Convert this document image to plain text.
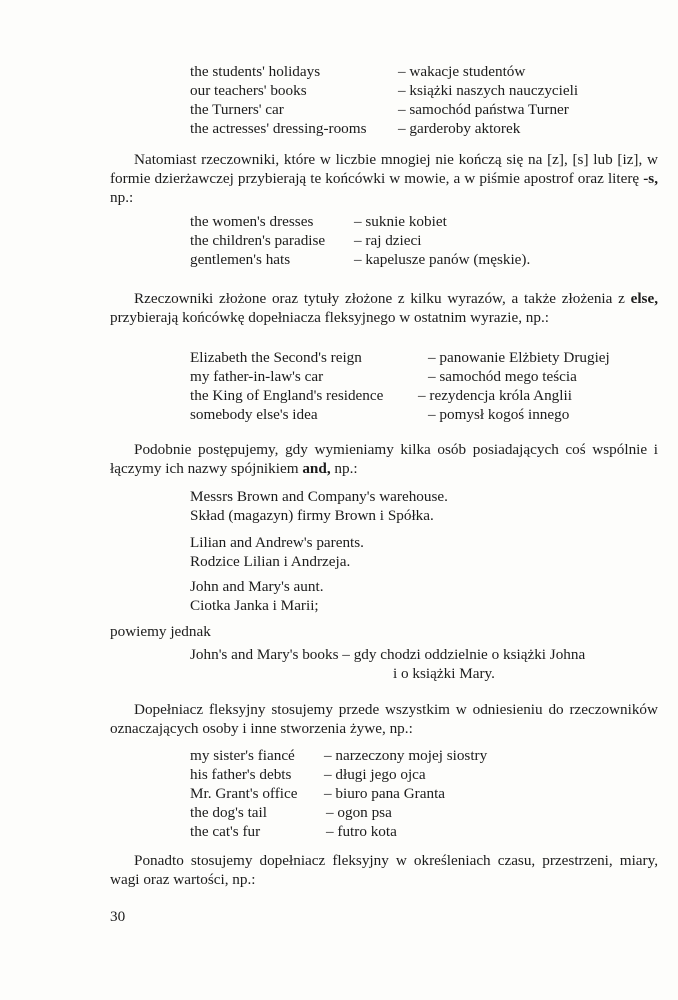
the students' holidays	– wakacje studentów
our teachers' books	– książki naszych nauczycieli
the Turners' car	– samochód państwa Turner
the actresses' dressing-rooms	– garderoby aktorek

Natomiast rzeczowniki, które w liczbie mnogiej nie kończą się na [z], [s] lub [iz], w formie dzierżawczej przybierają te końcówki w mowie, a w piśmie apostrof oraz literę -s, np.:

the women's dresses	– suknie kobiet
the children's paradise	– raj dzieci
gentlemen's hats	– kapelusze panów (męskie).

Rzeczowniki złożone oraz tytuły złożone z kilku wyrazów, a także złożenia z else, przybierają końcówkę dopełniacza fleksyjnego w ostatnim wyrazie, np.:

Elizabeth the Second's reign	– panowanie Elżbiety Drugiej
my father-in-law's car	– samochód mego teścia
the King of England's residence	– rezydencja króla Anglii
somebody else's idea	– pomysł kogoś innego

Podobnie postępujemy, gdy wymieniamy kilka osób posiadających coś wspólnie i łączymy ich nazwy spójnikiem and, np.:

Messrs Brown and Company's warehouse.
Skład (magazyn) firmy Brown i Spółka.
Lilian and Andrew's parents.
Rodzice Lilian i Andrzeja.
John and Mary's aunt.
Ciotka Janka i Marii;
powiemy jednak
John's and Mary's books – gdy chodzi oddzielnie o książki Johna
i o książki Mary.

Dopełniacz fleksyjny stosujemy przede wszystkim w odniesieniu do rzeczowników oznaczających osoby i inne stworzenia żywe, np.:

my sister's fiancé	– narzeczony mojej siostry
his father's debts	– długi jego ojca
Mr. Grant's office	– biuro pana Granta
the dog's tail	– ogon psa
the cat's fur	– futro kota

Ponadto stosujemy dopełniacz fleksyjny w określeniach czasu, przestrzeni, miary, wagi oraz wartości, np.:

30
